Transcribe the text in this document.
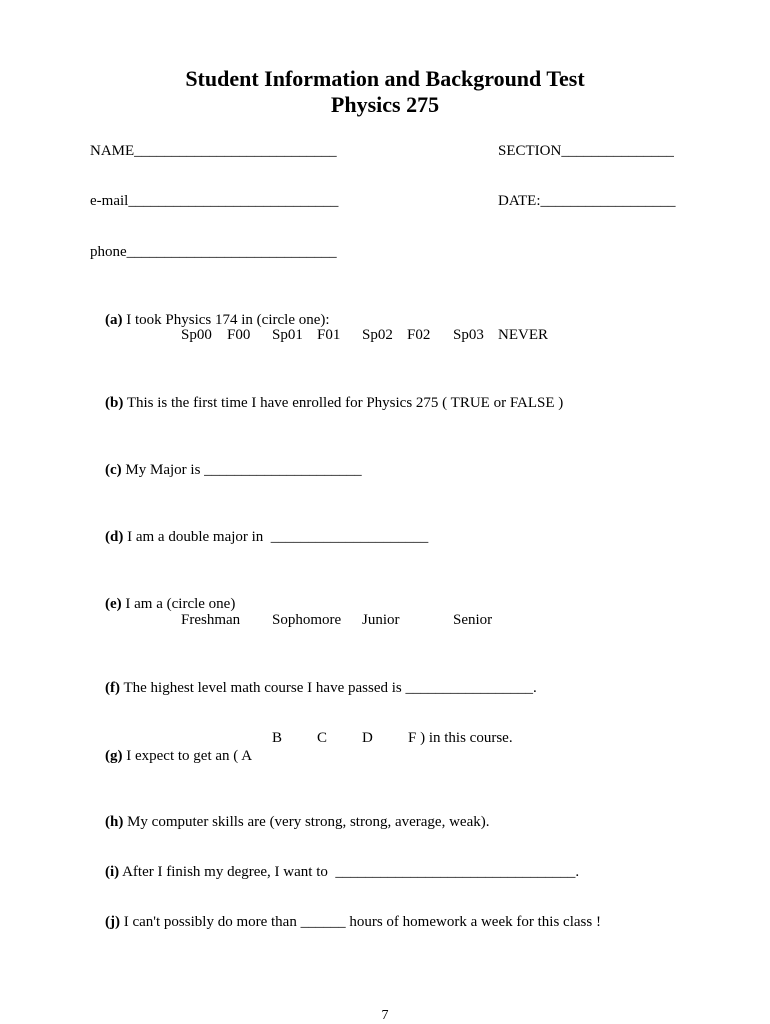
Student Information and Background Test
Physics 275
NAME___________________________	SECTION_______________
e-mail____________________________	DATE:__________________
phone____________________________

(a) I took Physics 174 in (circle one):

Sp00 F00 Sp01 F01 Sp02 F02 Sp03 NEVER

(b) This is the first time I have enrolled for Physics 275 ( TRUE or FALSE )

(c) My Major is _____________________

(d) I am a double major in  _____________________

(e) I am a (circle one)

Freshman Sophomore Junior	Senior

(f) The highest level math course I have passed is _________________.

(g) I expect to get an ( A

B C D F ) in this course.

(h) My computer skills are (very strong, strong, average, weak).

(i) After I finish my degree, I want to  ________________________________.

(j) I can't possibly do more than ______ hours of homework a week for this class !

7
